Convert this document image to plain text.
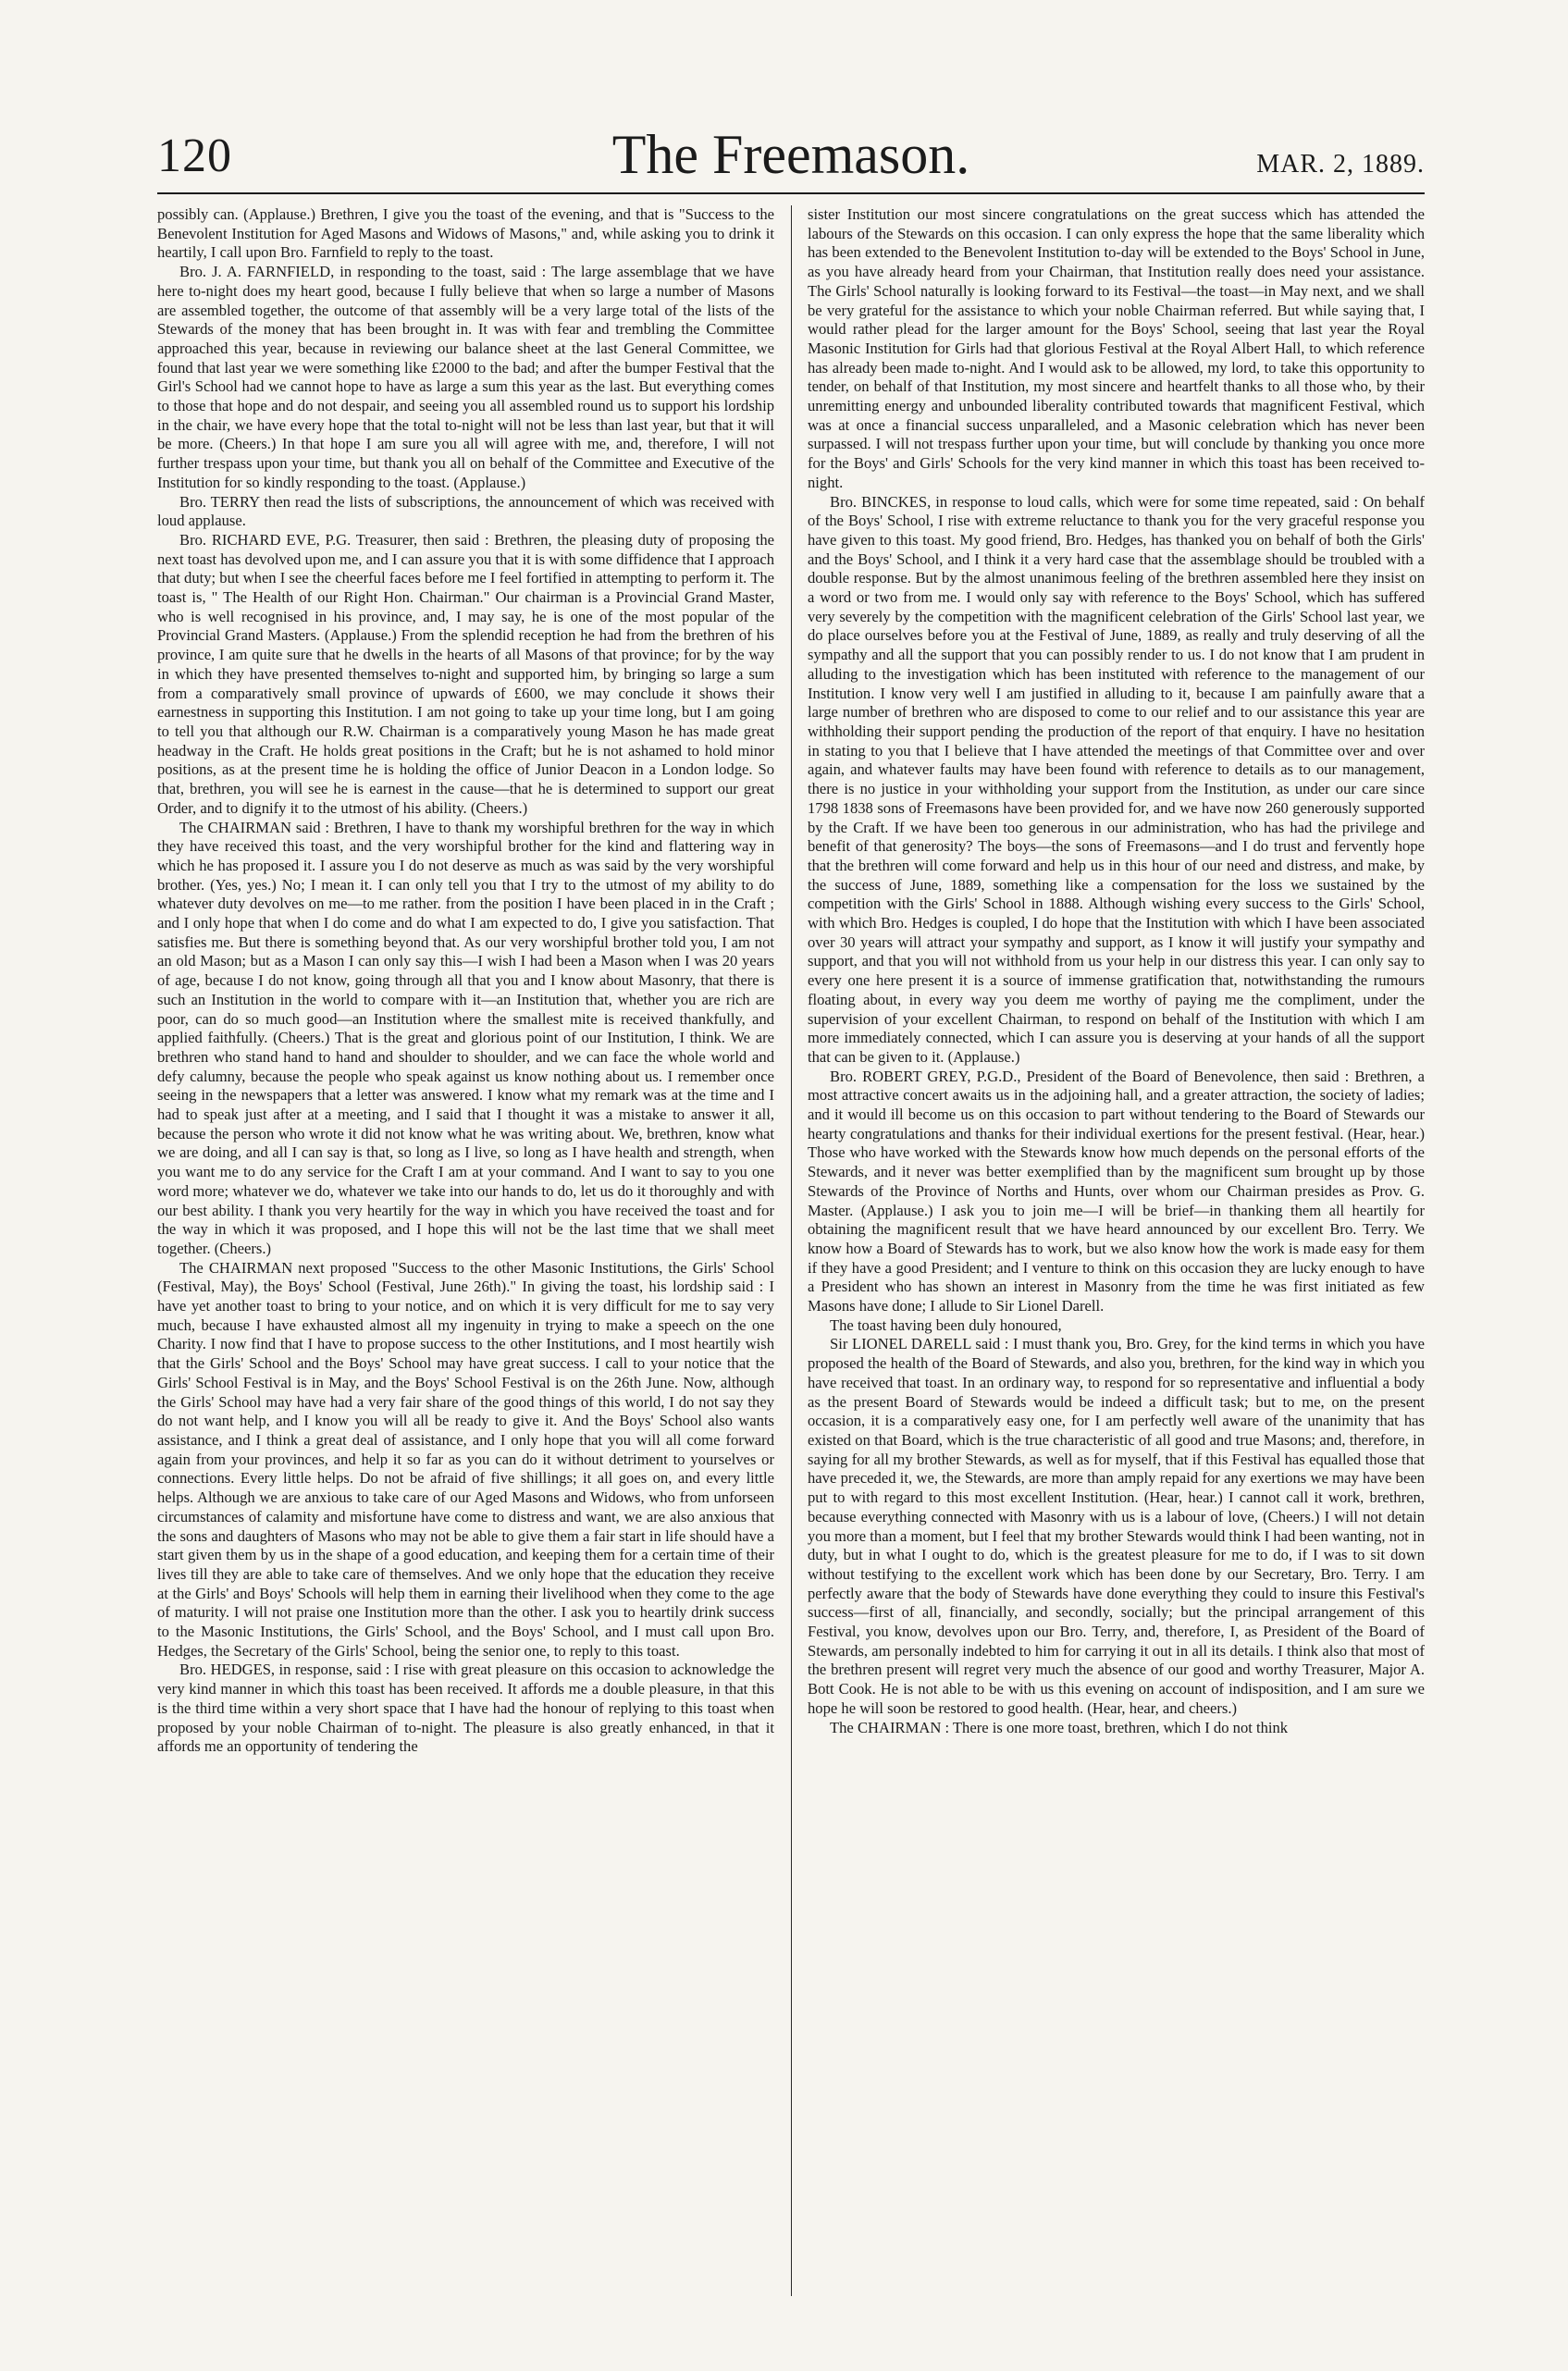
120	The Freemason.	MAR. 2, 1889.

possibly can. (Applause.) Brethren, I give you the toast of the evening, and that is "Success to the Benevolent Institution for Aged Masons and Widows of Masons," and, while asking you to drink it heartily, I call upon Bro. Farnfield to reply to the toast.

Bro. J. A. FARNFIELD, in responding to the toast, said : The large assemblage that we have here to-night does my heart good, because I fully believe that when so large a number of Masons are assembled together, the outcome of that assembly will be a very large total of the lists of the Stewards of the money that has been brought in. It was with fear and trembling the Committee approached this year, because in reviewing our balance sheet at the last General Committee, we found that last year we were something like £2000 to the bad; and after the bumper Festival that the Girl's School had we cannot hope to have as large a sum this year as the last. But everything comes to those that hope and do not despair, and seeing you all assembled round us to support his lordship in the chair, we have every hope that the total to-night will not be less than last year, but that it will be more. (Cheers.) In that hope I am sure you all will agree with me, and, therefore, I will not further trespass upon your time, but thank you all on behalf of the Committee and Executive of the Institution for so kindly responding to the toast. (Applause.)

Bro. TERRY then read the lists of subscriptions, the announcement of which was received with loud applause.

Bro. RICHARD EVE, P.G. Treasurer, then said : Brethren, the pleasing duty of proposing the next toast has devolved upon me, and I can assure you that it is with some diffidence that I approach that duty; but when I see the cheerful faces before me I feel fortified in attempting to perform it. The toast is, " The Health of our Right Hon. Chairman." Our chairman is a Provincial Grand Master, who is well recognised in his province, and, I may say, he is one of the most popular of the Provincial Grand Masters. (Applause.) From the splendid reception he had from the brethren of his province, I am quite sure that he dwells in the hearts of all Masons of that province; for by the way in which they have presented themselves to-night and supported him, by bringing so large a sum from a comparatively small province of upwards of £600, we may conclude it shows their earnestness in supporting this Institution. I am not going to take up your time long, but I am going to tell you that although our R.W. Chairman is a comparatively young Mason he has made great headway in the Craft. He holds great positions in the Craft; but he is not ashamed to hold minor positions, as at the present time he is holding the office of Junior Deacon in a London lodge. So that, brethren, you will see he is earnest in the cause—that he is determined to support our great Order, and to dignify it to the utmost of his ability. (Cheers.)

The CHAIRMAN said : Brethren, I have to thank my worshipful brethren for the way in which they have received this toast, and the very worshipful brother for the kind and flattering way in which he has proposed it. I assure you I do not deserve as much as was said by the very worshipful brother. (Yes, yes.) No; I mean it. I can only tell you that I try to the utmost of my ability to do whatever duty devolves on me—to me rather. from the position I have been placed in in the Craft ; and I only hope that when I do come and do what I am expected to do, I give you satisfaction. That satisfies me. But there is something beyond that. As our very worshipful brother told you, I am not an old Mason; but as a Mason I can only say this—I wish I had been a Mason when I was 20 years of age, because I do not know, going through all that you and I know about Masonry, that there is such an Institution in the world to compare with it—an Institution that, whether you are rich are poor, can do so much good—an Institution where the smallest mite is received thankfully, and applied faithfully. (Cheers.) That is the great and glorious point of our Institution, I think. We are brethren who stand hand to hand and shoulder to shoulder, and we can face the whole world and defy calumny, because the people who speak against us know nothing about us. I remember once seeing in the newspapers that a letter was answered. I know what my remark was at the time and I had to speak just after at a meeting, and I said that I thought it was a mistake to answer it all, because the person who wrote it did not know what he was writing about. We, brethren, know what we are doing, and all I can say is that, so long as I live, so long as I have health and strength, when you want me to do any service for the Craft I am at your command. And I want to say to you one word more; whatever we do, whatever we take into our hands to do, let us do it thoroughly and with our best ability. I thank you very heartily for the way in which you have received the toast and for the way in which it was proposed, and I hope this will not be the last time that we shall meet together. (Cheers.)

The CHAIRMAN next proposed "Success to the other Masonic Institutions, the Girls' School (Festival, May), the Boys' School (Festival, June 26th)." In giving the toast, his lordship said : I have yet another toast to bring to your notice, and on which it is very difficult for me to say very much, because I have exhausted almost all my ingenuity in trying to make a speech on the one Charity. I now find that I have to propose success to the other Institutions, and I most heartily wish that the Girls' School and the Boys' School may have great success. I call to your notice that the Girls' School Festival is in May, and the Boys' School Festival is on the 26th June. Now, although the Girls' School may have had a very fair share of the good things of this world, I do not say they do not want help, and I know you will all be ready to give it. And the Boys' School also wants assistance, and I think a great deal of assistance, and I only hope that you will all come forward again from your provinces, and help it so far as you can do it without detriment to yourselves or connections. Every little helps. Do not be afraid of five shillings; it all goes on, and every little helps. Although we are anxious to take care of our Aged Masons and Widows, who from unforseen circumstances of calamity and misfortune have come to distress and want, we are also anxious that the sons and daughters of Masons who may not be able to give them a fair start in life should have a start given them by us in the shape of a good education, and keeping them for a certain time of their lives till they are able to take care of themselves. And we only hope that the education they receive at the Girls' and Boys' Schools will help them in earning their livelihood when they come to the age of maturity. I will not praise one Institution more than the other. I ask you to heartily drink success to the Masonic Institutions, the Girls' School, and the Boys' School, and I must call upon Bro. Hedges, the Secretary of the Girls' School, being the senior one, to reply to this toast.

Bro. HEDGES, in response, said : I rise with great pleasure on this occasion to acknowledge the very kind manner in which this toast has been received. It affords me a double pleasure, in that this is the third time within a very short space that I have had the honour of replying to this toast when proposed by your noble Chairman of to-night. The pleasure is also greatly enhanced, in that it affords me an opportunity of tendering the

sister Institution our most sincere congratulations on the great success which has attended the labours of the Stewards on this occasion. I can only express the hope that the same liberality which has been extended to the Benevolent Institution to-day will be extended to the Boys' School in June, as you have already heard from your Chairman, that Institution really does need your assistance. The Girls' School naturally is looking forward to its Festival—the toast—in May next, and we shall be very grateful for the assistance to which your noble Chairman referred. But while saying that, I would rather plead for the larger amount for the Boys' School, seeing that last year the Royal Masonic Institution for Girls had that glorious Festival at the Royal Albert Hall, to which reference has already been made to-night. And I would ask to be allowed, my lord, to take this opportunity to tender, on behalf of that Institution, my most sincere and heartfelt thanks to all those who, by their unremitting energy and unbounded liberality contributed towards that magnificent Festival, which was at once a financial success unparalleled, and a Masonic celebration which has never been surpassed. I will not trespass further upon your time, but will conclude by thanking you once more for the Boys' and Girls' Schools for the very kind manner in which this toast has been received to-night.

Bro. BINCKES, in response to loud calls, which were for some time repeated, said : On behalf of the Boys' School, I rise with extreme reluctance to thank you for the very graceful response you have given to this toast. My good friend, Bro. Hedges, has thanked you on behalf of both the Girls' and the Boys' School, and I think it a very hard case that the assemblage should be troubled with a double response. But by the almost unanimous feeling of the brethren assembled here they insist on a word or two from me. I would only say with reference to the Boys' School, which has suffered very severely by the competition with the magnificent celebration of the Girls' School last year, we do place ourselves before you at the Festival of June, 1889, as really and truly deserving of all the sympathy and all the support that you can possibly render to us. I do not know that I am prudent in alluding to the investigation which has been instituted with reference to the management of our Institution. I know very well I am justified in alluding to it, because I am painfully aware that a large number of brethren who are disposed to come to our relief and to our assistance this year are withholding their support pending the production of the report of that enquiry. I have no hesitation in stating to you that I believe that I have attended the meetings of that Committee over and over again, and whatever faults may have been found with reference to details as to our management, there is no justice in your withholding your support from the Institution, as under our care since 1798 1838 sons of Freemasons have been provided for, and we have now 260 generously supported by the Craft. If we have been too generous in our administration, who has had the privilege and benefit of that generosity? The boys—the sons of Freemasons—and I do trust and fervently hope that the brethren will come forward and help us in this hour of our need and distress, and make, by the success of June, 1889, something like a compensation for the loss we sustained by the competition with the Girls' School in 1888. Although wishing every success to the Girls' School, with which Bro. Hedges is coupled, I do hope that the Institution with which I have been associated over 30 years will attract your sympathy and support, as I know it will justify your sympathy and support, and that you will not withhold from us your help in our distress this year. I can only say to every one here present it is a source of immense gratification that, notwithstanding the rumours floating about, in every way you deem me worthy of paying me the compliment, under the supervision of your excellent Chairman, to respond on behalf of the Institution with which I am more immediately connected, which I can assure you is deserving at your hands of all the support that can be given to it. (Applause.)

Bro. ROBERT GREY, P.G.D., President of the Board of Benevolence, then said : Brethren, a most attractive concert awaits us in the adjoining hall, and a greater attraction, the society of ladies; and it would ill become us on this occasion to part without tendering to the Board of Stewards our hearty congratulations and thanks for their individual exertions for the present festival. (Hear, hear.) Those who have worked with the Stewards know how much depends on the personal efforts of the Stewards, and it never was better exemplified than by the magnificent sum brought up by those Stewards of the Province of Norths and Hunts, over whom our Chairman presides as Prov. G. Master. (Applause.) I ask you to join me—I will be brief—in thanking them all heartily for obtaining the magnificent result that we have heard announced by our excellent Bro. Terry. We know how a Board of Stewards has to work, but we also know how the work is made easy for them if they have a good President; and I venture to think on this occasion they are lucky enough to have a President who has shown an interest in Masonry from the time he was first initiated as few Masons have done; I allude to Sir Lionel Darell.

The toast having been duly honoured,

Sir LIONEL DARELL said : I must thank you, Bro. Grey, for the kind terms in which you have proposed the health of the Board of Stewards, and also you, brethren, for the kind way in which you have received that toast. In an ordinary way, to respond for so representative and influential a body as the present Board of Stewards would be indeed a difficult task; but to me, on the present occasion, it is a comparatively easy one, for I am perfectly well aware of the unanimity that has existed on that Board, which is the true characteristic of all good and true Masons; and, therefore, in saying for all my brother Stewards, as well as for myself, that if this Festival has equalled those that have preceded it, we, the Stewards, are more than amply repaid for any exertions we may have been put to with regard to this most excellent Institution. (Hear, hear.) I cannot call it work, brethren, because everything connected with Masonry with us is a labour of love, (Cheers.) I will not detain you more than a moment, but I feel that my brother Stewards would think I had been wanting, not in duty, but in what I ought to do, which is the greatest pleasure for me to do, if I was to sit down without testifying to the excellent work which has been done by our Secretary, Bro. Terry. I am perfectly aware that the body of Stewards have done everything they could to insure this Festival's success—first of all, financially, and secondly, socially; but the principal arrangement of this Festival, you know, devolves upon our Bro. Terry, and, therefore, I, as President of the Board of Stewards, am personally indebted to him for carrying it out in all its details. I think also that most of the brethren present will regret very much the absence of our good and worthy Treasurer, Major A. Bott Cook. He is not able to be with us this evening on account of indisposition, and I am sure we hope he will soon be restored to good health. (Hear, hear, and cheers.)

The CHAIRMAN : There is one more toast, brethren, which I do not think
